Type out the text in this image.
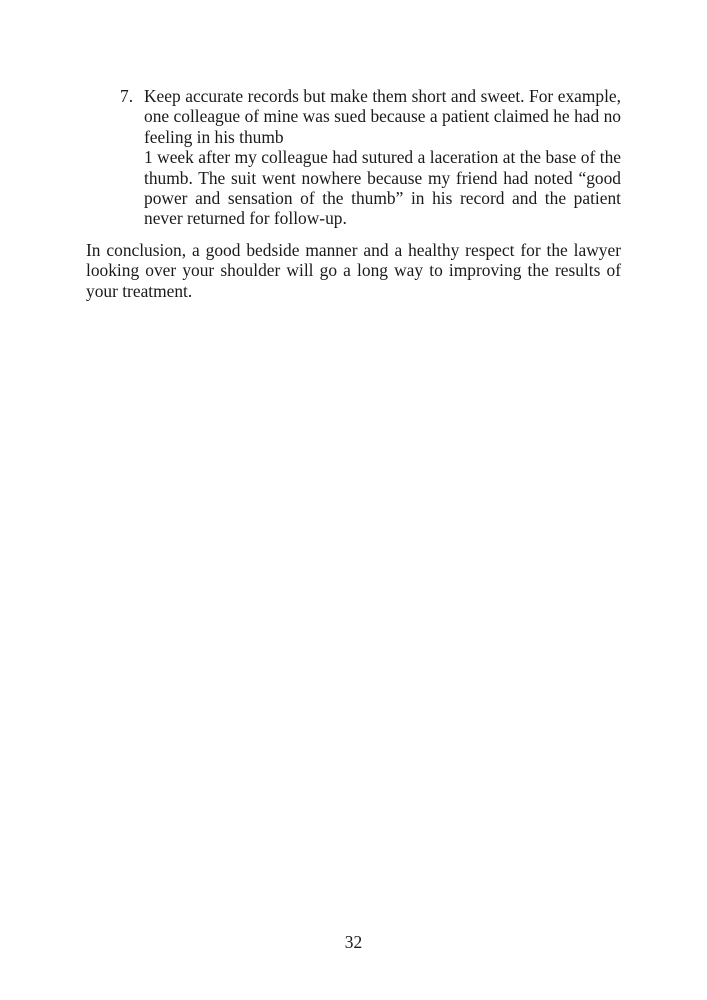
7. Keep accurate records but make them short and sweet. For example, one colleague of mine was sued because a patient claimed he had no feeling in his thumb

1 week after my colleague had sutured a laceration at the base of the thumb. The suit went nowhere because my friend had noted “good power and sensation of the thumb” in his record and the patient never returned for follow-up.

In conclusion, a good bedside manner and a healthy respect for the lawyer looking over your shoulder will go a long way to improving the results of your treatment.

32
